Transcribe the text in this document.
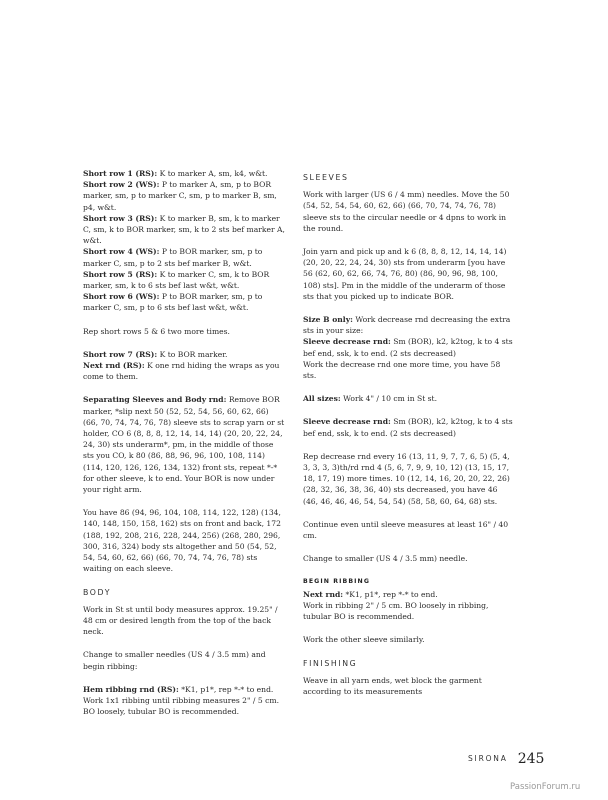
Short row 1 (RS): K to marker A, sm, k4, w&t.
Short row 2 (WS): P to marker A, sm, p to BOR marker, sm, p to marker C, sm, p to marker B, sm, p4, w&t.
Short row 3 (RS): K to marker B, sm, k to marker C, sm, k to BOR marker, sm, k to 2 sts bef marker A, w&t.
Short row 4 (WS): P to BOR marker, sm, p to marker C, sm, p to 2 sts bef marker B, w&t.
Short row 5 (RS): K to marker C, sm, k to BOR marker, sm, k to 6 sts bef last w&t, w&t.
Short row 6 (WS): P to BOR marker, sm, p to marker C, sm, p to 6 sts bef last w&t, w&t.

Rep short rows 5 & 6 two more times.

Short row 7 (RS): K to BOR marker.
Next rnd (RS): K one rnd hiding the wraps as you come to them.

Separating Sleeves and Body rnd: Remove BOR marker, *slip next 50 (52, 52, 54, 56, 60, 62, 66) (66, 70, 74, 74, 76, 78) sleeve sts to scrap yarn or st holder, CO 6 (8, 8, 8, 12, 14, 14, 14) (20, 20, 22, 24, 24, 30) sts underarm*, pm, in the middle of those sts you CO, k 80 (86, 88, 96, 96, 100, 108, 114) (114, 120, 126, 126, 134, 132) front sts, repeat *-* for other sleeve, k to end. Your BOR is now under your right arm.

You have 86 (94, 96, 104, 108, 114, 122, 128) (134, 140, 148, 150, 158, 162) sts on front and back, 172 (188, 192, 208, 216, 228, 244, 256) (268, 280, 296, 300, 316, 324) body sts altogether and 50 (54, 52, 54, 54, 60, 62, 66) (66, 70, 74, 74, 76, 78) sts waiting on each sleeve.

BODY

Work in St st until body measures approx. 19.25" / 48 cm or desired length from the top of the back neck.

Change to smaller needles (US 4 / 3.5 mm) and begin ribbing:

Hem ribbing rnd (RS): *K1, p1*, rep *-* to end.
Work 1x1 ribbing until ribbing measures 2" / 5 cm. BO loosely, tubular BO is recommended.

SLEEVES

Work with larger (US 6 / 4 mm) needles. Move the 50 (54, 52, 54, 54, 60, 62, 66) (66, 70, 74, 74, 76, 78) sleeve sts to the circular needle or 4 dpns to work in the round.

Join yarn and pick up and k 6 (8, 8, 8, 12, 14, 14, 14) (20, 20, 22, 24, 24, 30) sts from underarm [you have 56 (62, 60, 62, 66, 74, 76, 80) (86, 90, 96, 98, 100, 108) sts]. Pm in the middle of the underarm of those sts that you picked up to indicate BOR.

Size B only: Work decrease rnd decreasing the extra sts in your size:
Sleeve decrease rnd: Sm (BOR), k2, k2tog, k to 4 sts bef end, ssk, k to end. (2 sts decreased)
Work the decrease rnd one more time, you have 58 sts.

All sizes: Work 4" / 10 cm in St st.

Sleeve decrease rnd: Sm (BOR), k2, k2tog, k to 4 sts bef end, ssk, k to end. (2 sts decreased)

Rep decrease rnd every 16 (13, 11, 9, 7, 7, 6, 5) (5, 4, 3, 3, 3, 3)th/rd rnd 4 (5, 6, 7, 9, 9, 10, 12) (13, 15, 17, 18, 17, 19) more times. 10 (12, 14, 16, 20, 20, 22, 26) (28, 32, 36, 38, 36, 40) sts decreased, you have 46 (46, 46, 46, 46, 54, 54, 54) (58, 58, 60, 64, 68) sts.

Continue even until sleeve measures at least 16" / 40 cm.

Change to smaller (US 4 / 3.5 mm) needle.

BEGIN RIBBING

Next rnd: *K1, p1*, rep *-* to end.
Work in ribbing 2" / 5 cm. BO loosely in ribbing, tubular BO is recommended.

Work the other sleeve similarly.

FINISHING

Weave in all yarn ends, wet block the garment according to its measurements

SIRONA 245
PassionForum.ru
